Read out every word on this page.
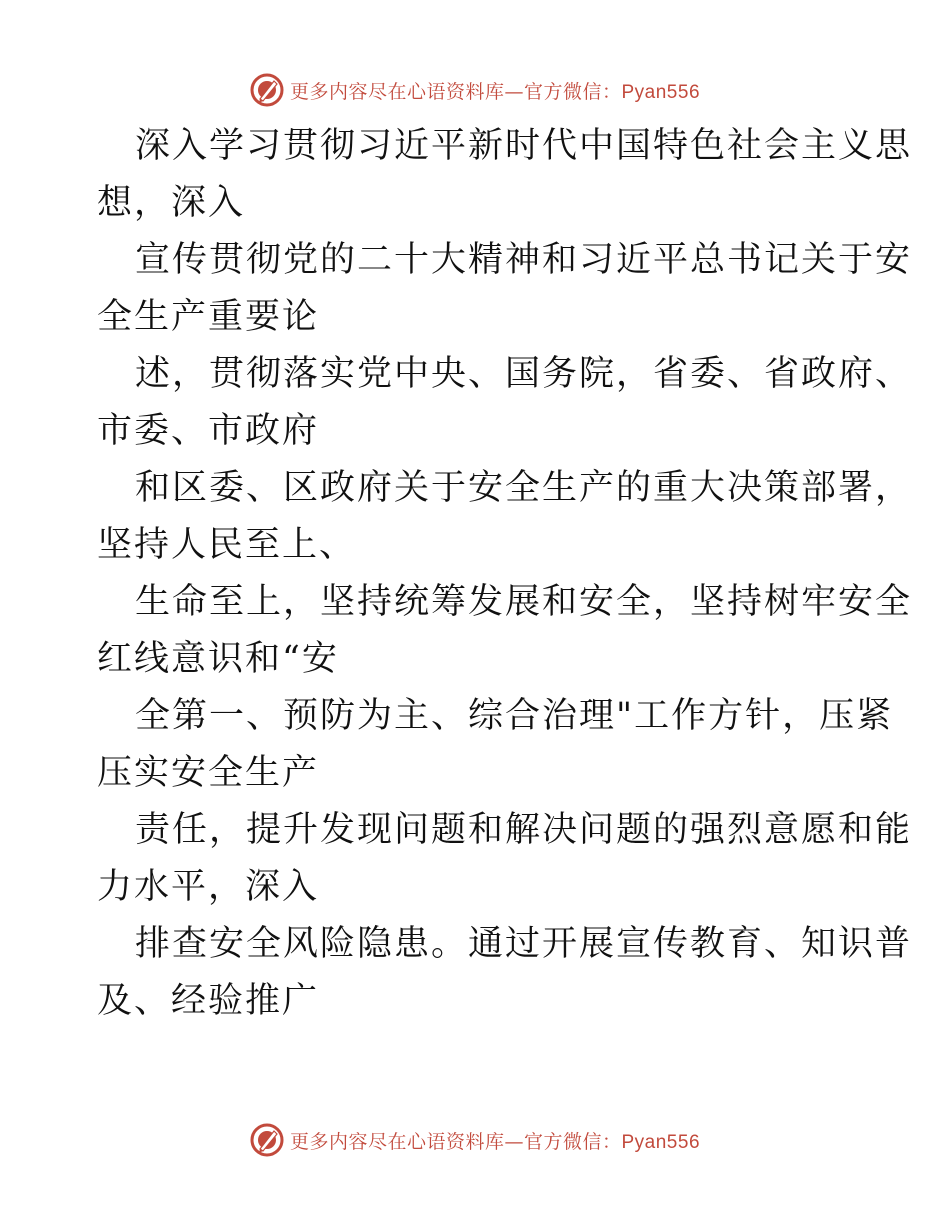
更多内容尽在心语资料库—官方微信：Pyan556
深入学习贯彻习近平新时代中国特色社会主义思
想，深入
宣传贯彻党的二十大精神和习近平总书记关于安
全生产重要论
述，贯彻落实党中央、国务院，省委、省政府、
市委、市政府
和区委、区政府关于安全生产的重大决策部署，
坚持人民至上、
生命至上，坚持统筹发展和安全，坚持树牢安全
红线意识和“安
全第一、预防为主、综合治理"工作方针，压紧
压实安全生产
责任，提升发现问题和解决问题的强烈意愿和能
力水平，深入
排查安全风险隐患。通过开展宣传教育、知识普
及、经验推广
更多内容尽在心语资料库—官方微信：Pyan556
